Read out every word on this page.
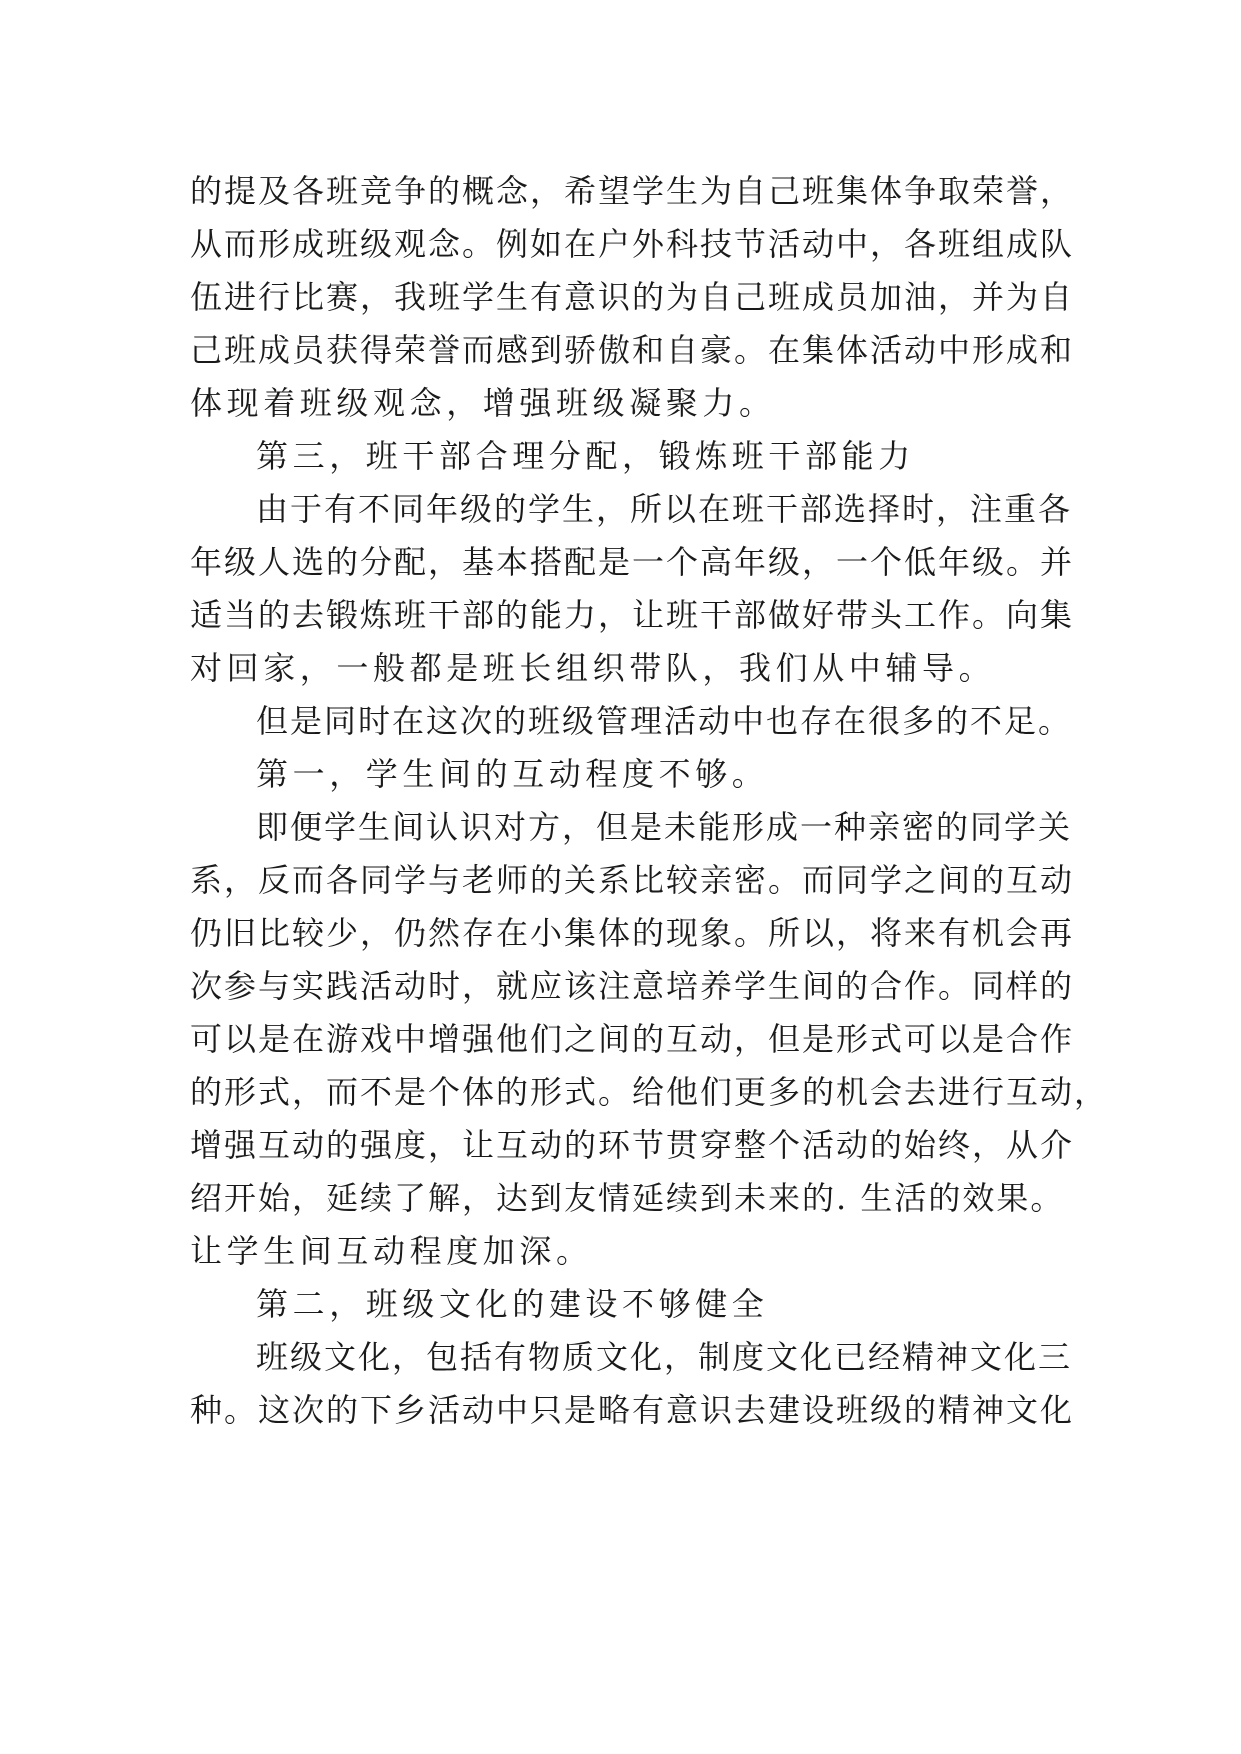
的提及各班竞争的概念，希望学生为自己班集体争取荣誉，
从而形成班级观念。例如在户外科技节活动中，各班组成队
伍进行比赛，我班学生有意识的为自己班成员加油，并为自
己班成员获得荣誉而感到骄傲和自豪。在集体活动中形成和
体现着班级观念，增强班级凝聚力。
第三，班干部合理分配，锻炼班干部能力
由于有不同年级的学生，所以在班干部选择时，注重各
年级人选的分配，基本搭配是一个高年级，一个低年级。并
适当的去锻炼班干部的能力，让班干部做好带头工作。向集
对回家，一般都是班长组织带队，我们从中辅导。
但是同时在这次的班级管理活动中也存在很多的不足。
第一，学生间的互动程度不够。
即便学生间认识对方，但是未能形成一种亲密的同学关
系，反而各同学与老师的关系比较亲密。而同学之间的互动
仍旧比较少，仍然存在小集体的现象。所以，将来有机会再
次参与实践活动时，就应该注意培养学生间的合作。同样的
可以是在游戏中增强他们之间的互动，但是形式可以是合作
的形式，而不是个体的形式。给他们更多的机会去进行互动，
增强互动的强度，让互动的环节贯穿整个活动的始终，从介
绍开始，延续了解，达到友情延续到未来的. 生活的效果。
让学生间互动程度加深。
第二，班级文化的建设不够健全
班级文化，包括有物质文化，制度文化已经精神文化三
种。这次的下乡活动中只是略有意识去建设班级的精神文化
